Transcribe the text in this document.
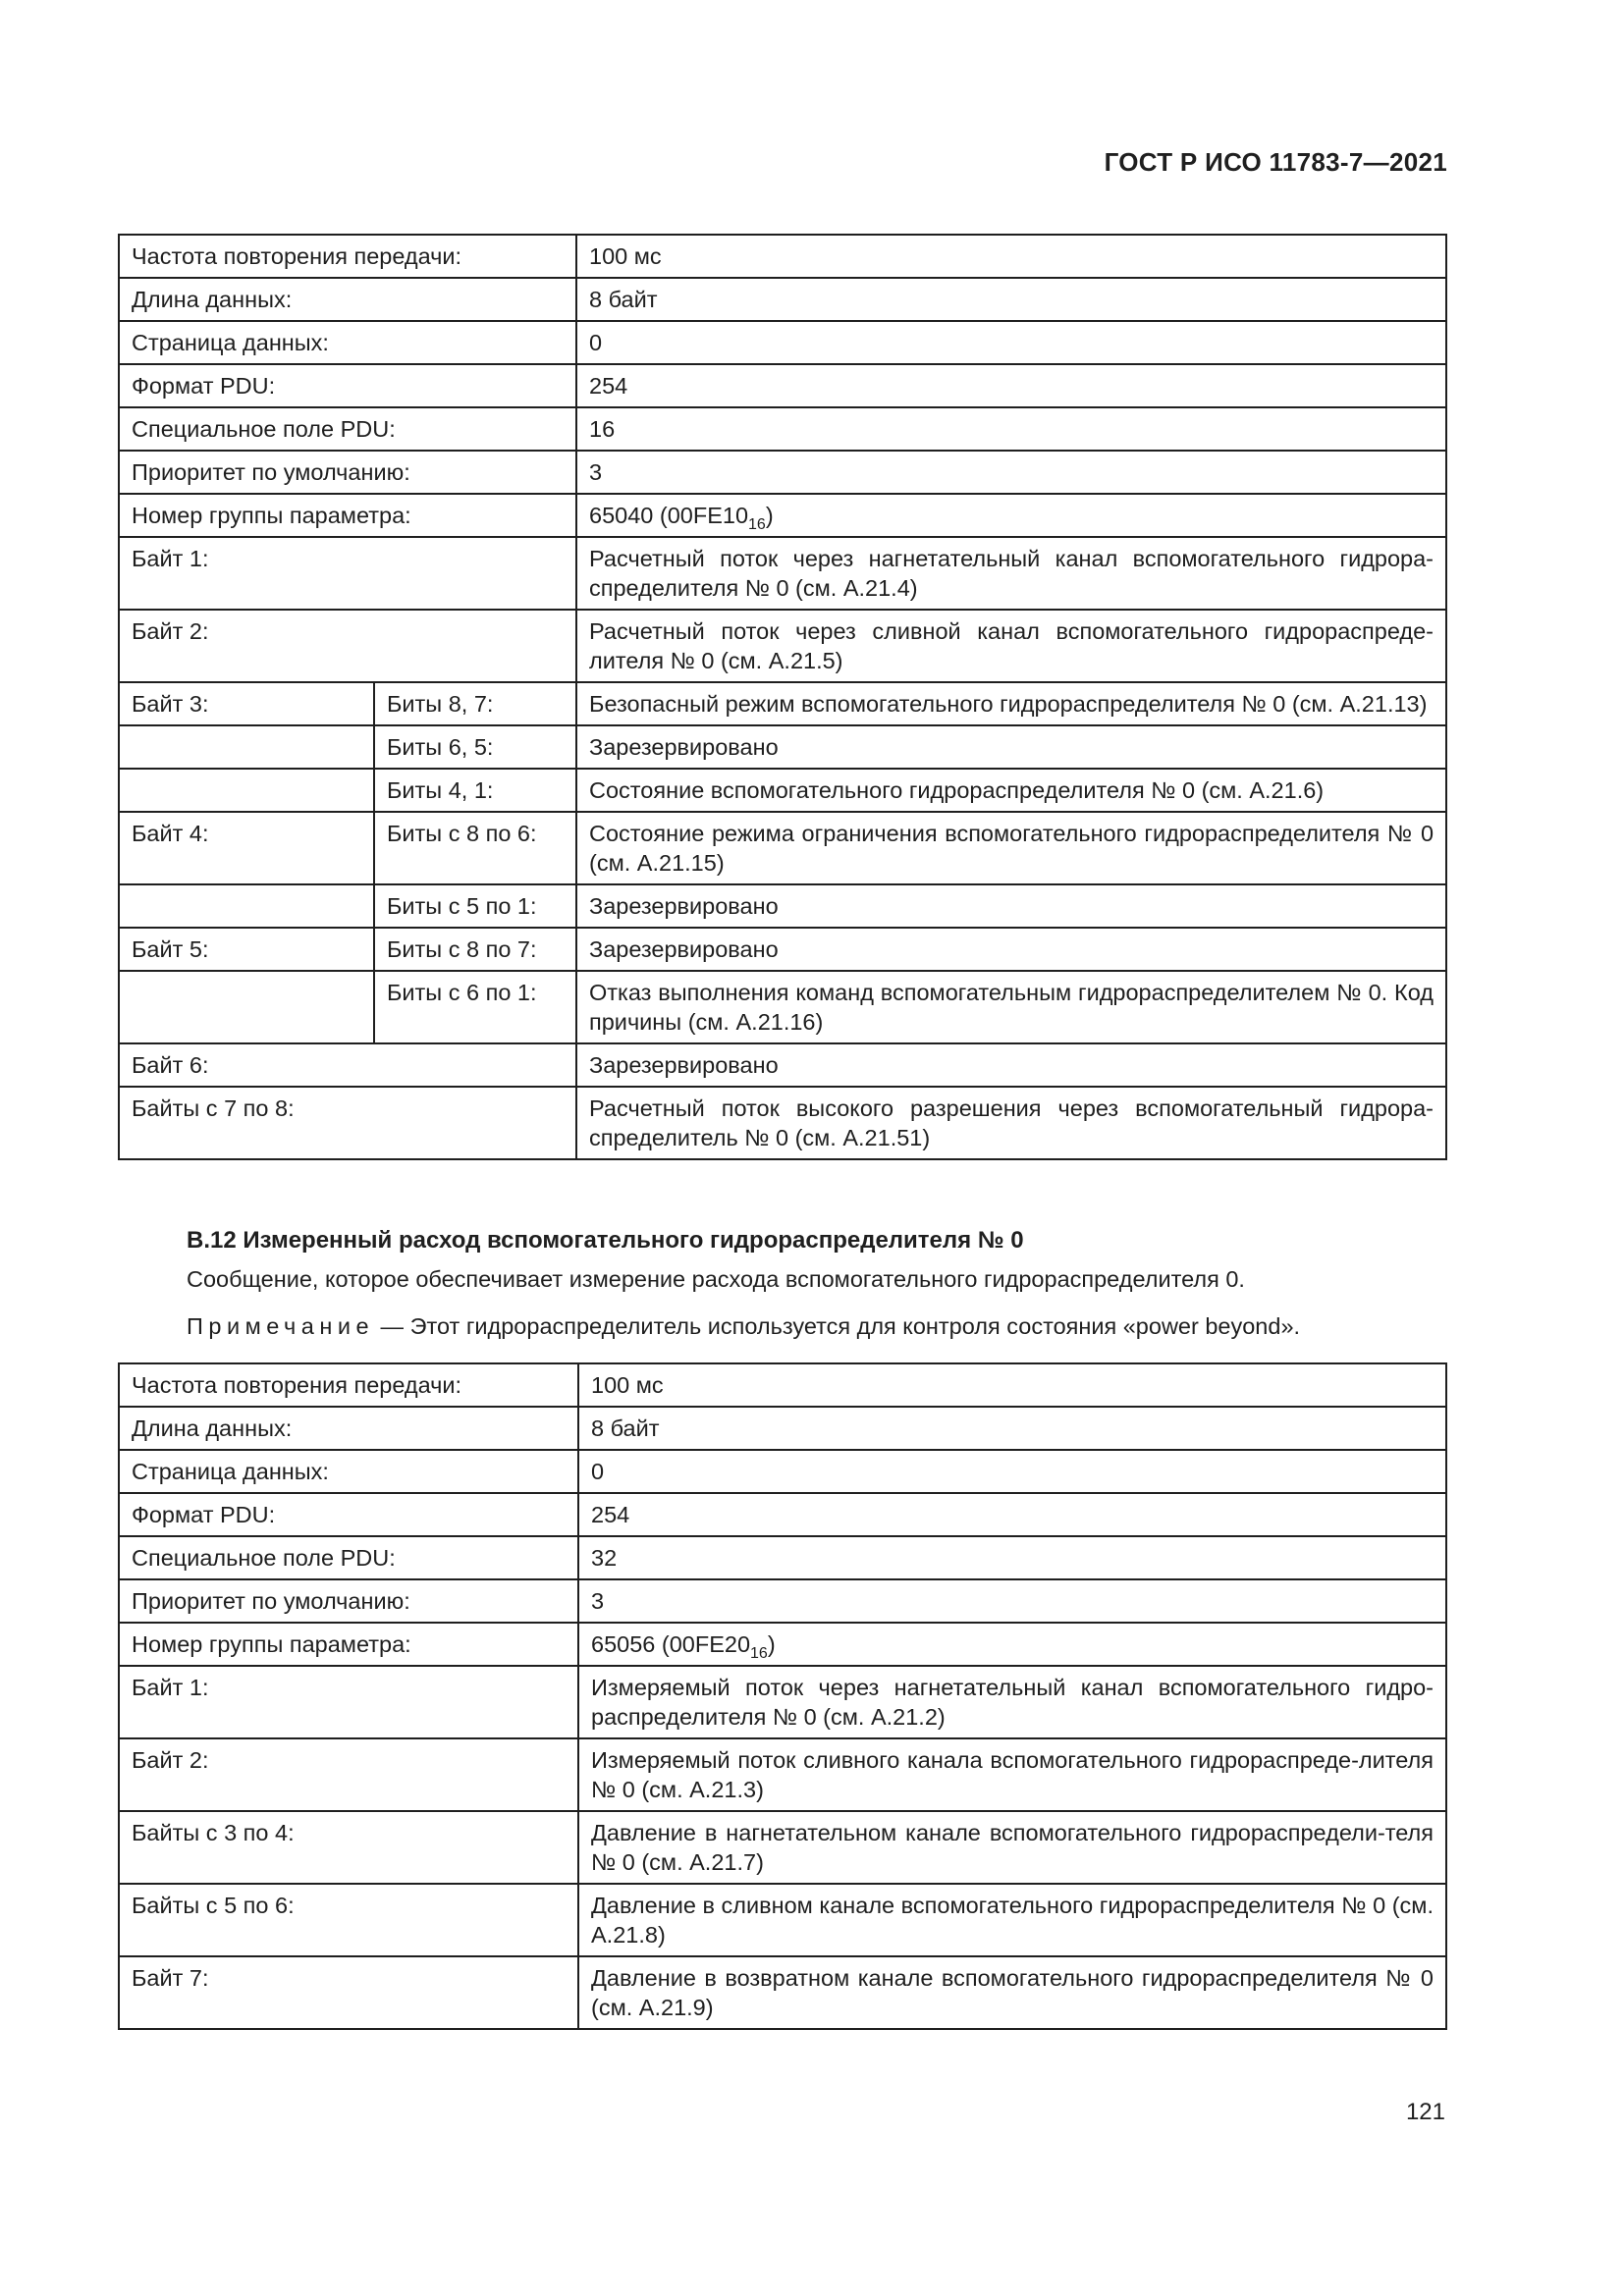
ГОСТ Р ИСО 11783-7—2021
Частота повторения передачи:		100 мс
Длина данных:		8 байт
Страница данных:		0
Формат PDU:		254
Специальное поле PDU:		16
Приоритет по умолчанию:		3
Номер группы параметра:		65040 $(00FE10_{16})$
Байт 1:		Расчетный поток через нагнетательный канал вспомогательного гидрора-спределителя № 0 (см. A.21.4)
Байт 2:		Расчетный поток через сливной канал вспомогательного гидрораспреде-лителя № 0 (см. A.21.5)
Байт 3:	Биты 8, 7:	Безопасный режим вспомогательного гидрораспределителя № 0 (см. A.21.13)
	Биты 6, 5:	Зарезервировано
	Биты 4, 1:	Состояние вспомогательного гидрораспределителя № 0 (см. A.21.6)
Байт 4:	Биты с 8 по 6:	Состояние режима ограничения вспомогательного гидрораспределителя № 0 (см. A.21.15)
	Биты с 5 по 1:	Зарезервировано
Байт 5:	Биты с 8 по 7:	Зарезервировано
	Биты с 6 по 1:	Отказ выполнения команд вспомогательным гидрораспределителем № 0. Код причины (см. A.21.16)
Байт 6:		Зарезервировано
Байты с 7 по 8:		Расчетный поток высокого разрешения через вспомогательный гидрора-спределитель № 0 (см. A.21.51)
B.12 Измеренный расход вспомогательного гидрораспределителя № 0
Сообщение, которое обеспечивает измерение расхода вспомогательного гидрораспределителя 0.
Примечание — Этот гидрораспределитель используется для контроля состояния «power beyond».
Частота повторения передачи:	100 мс
Длина данных:	8 байт
Страница данных:	0
Формат PDU:	254
Специальное поле PDU:	32
Приоритет по умолчанию:	3
Номер группы параметра:	65056 $(00FE20_{16})$
Байт 1:	Измеряемый поток через нагнетательный канал вспомогательного гидро-распределителя № 0 (см. A.21.2)
Байт 2:	Измеряемый поток сливного канала вспомогательного гидрораспреде-лителя № 0 (см. A.21.3)
Байты с 3 по 4:	Давление в нагнетательном канале вспомогательного гидрораспредели-теля № 0 (см. A.21.7)
Байты с 5 по 6:	Давление в сливном канале вспомогательного гидрораспределителя № 0 (см. A.21.8)
Байт 7:	Давление в возвратном канале вспомогательного гидрораспределителя № 0 (см. A.21.9)
121
